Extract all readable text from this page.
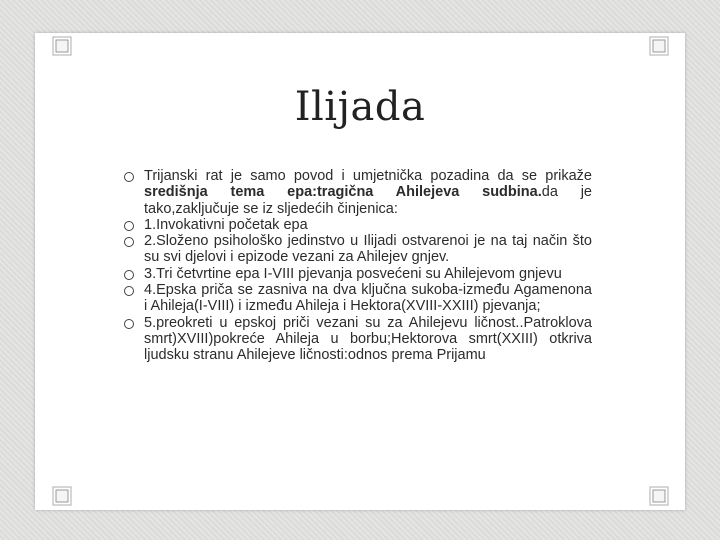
Ilijada
Trijanski rat je samo povod i umjetnička pozadina da se prikaže središnja tema epa:tragična Ahilejeva sudbina.da je tako,zaključuje se iz sljedećih činjenica:
1.Invokativni početak epa
2.Složeno psihološko jedinstvo u Ilijadi ostvarenoi je na taj način što su svi djelovi i epizode vezani za Ahilejev gnjev.
3.Tri četvrtine epa I-VIII pjevanja posvećeni su Ahilejevom gnjevu
4.Epska priča se zasniva na dva ključna sukoba-između Agamenona i Ahileja(I-VIII) i između Ahileja i Hektora(XVIII-XXIII) pjevanja;
5.preokreti u epskoj priči vezani su za Ahilejevu ličnost..Patroklova smrt)XVIII)pokreće Ahileja u borbu;Hektorova smrt(XXIII) otkriva ljudsku stranu Ahilejeve ličnosti:odnos prema Prijamu
